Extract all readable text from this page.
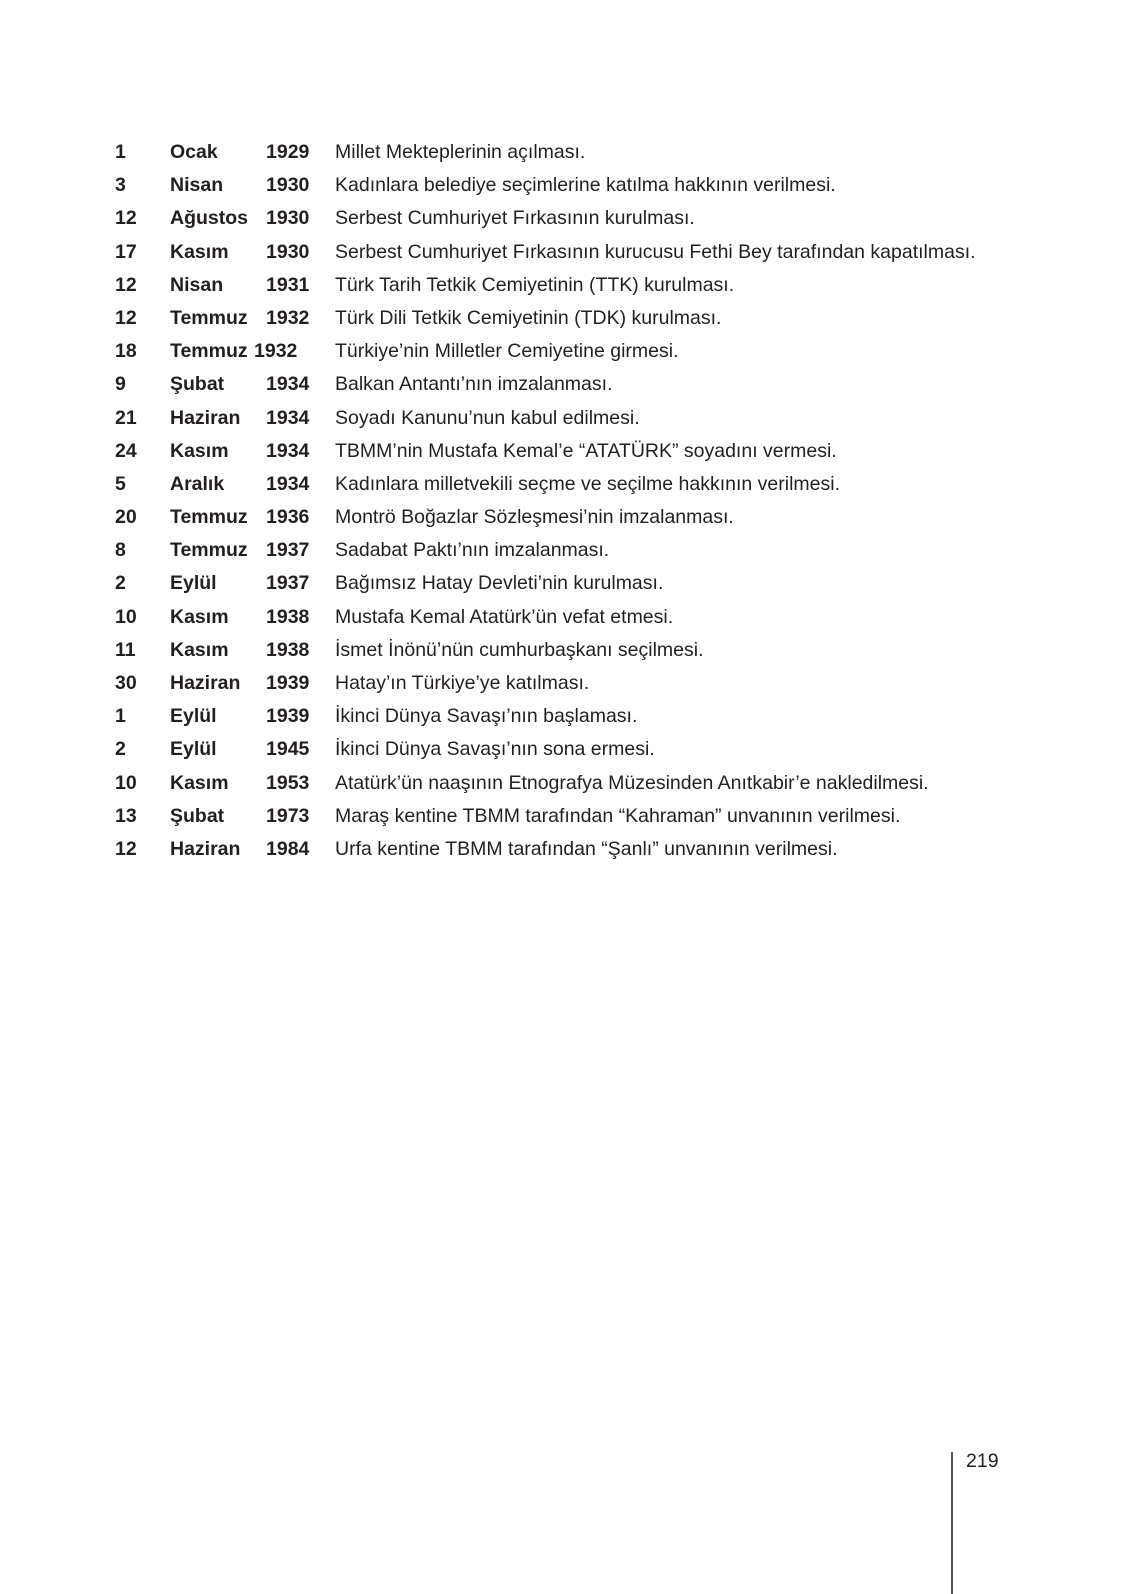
1 Ocak 1929 Millet Mekteplerinin açılması.
3 Nisan 1930 Kadınlara belediye seçimlerine katılma hakkının verilmesi.
12 Ağustos 1930 Serbest Cumhuriyet Fırkasının kurulması.
17 Kasım 1930 Serbest Cumhuriyet Fırkasının kurucusu Fethi Bey tarafından kapatılması.
12 Nisan 1931 Türk Tarih Tetkik Cemiyetinin (TTK) kurulması.
12 Temmuz 1932 Türk Dili Tetkik Cemiyetinin (TDK) kurulması.
18 Temmuz 1932 Türkiye’nin Milletler Cemiyetine girmesi.
9 Şubat 1934 Balkan Antantı’nın imzalanması.
21 Haziran 1934 Soyadı Kanunu’nun kabul edilmesi.
24 Kasım 1934 TBMM’nin Mustafa Kemal’e “ATATÜRK” soyadını vermesi.
5 Aralık 1934 Kadınlara milletvekili seçme ve seçilme hakkının verilmesi.
20 Temmuz 1936 Montrö Boğazlar Sözleşmesi’nin imzalanması.
8 Temmuz 1937 Sadabat Paktı’nın imzalanması.
2 Eylül	1937 Bağımsız Hatay Devleti’nin kurulması.
10 Kasım 1938 Mustafa Kemal Atatürk’ün vefat etmesi.
11 Kasım 1938 İsmet İnönü’nün cumhurbaşkanı seçilmesi.
30 Haziran 1939 Hatay’ın Türkiye’ye katılması.
1 Eylül	1939 İkinci Dünya Savaşı’nın başlaması.
2 Eylül	1945 İkinci Dünya Savaşı’nın sona ermesi.
10 Kasım 1953 Atatürk’ün naaşının Etnografya Müzesinden Anıtkabir’e nakledilmesi.
13 Şubat 1973 Maraş kentine TBMM tarafından “Kahraman” unvanının verilmesi.
12 Haziran 1984 Urfa kentine TBMM tarafından “Şanlı” unvanının verilmesi.
219
